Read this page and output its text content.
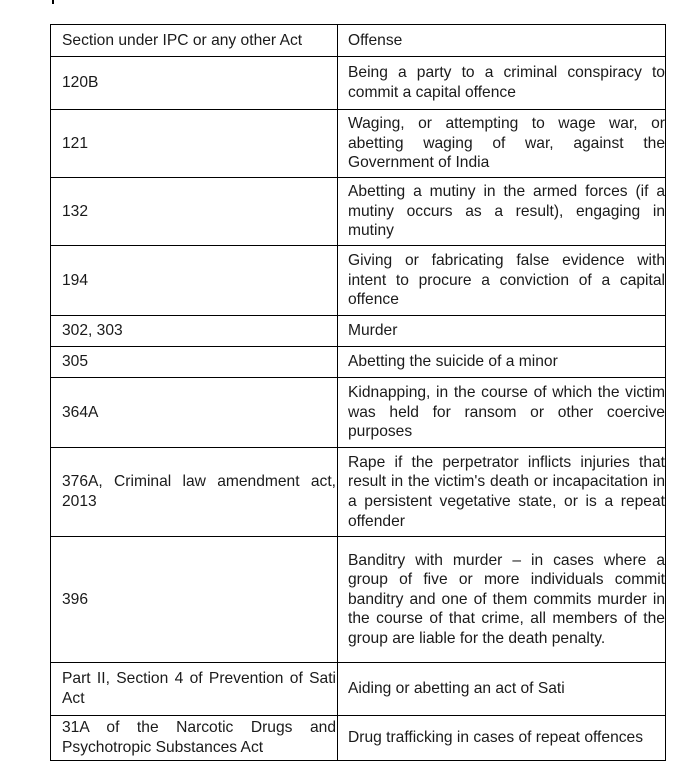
Section under IPC or any other Act	Offense
120B	Being a party to a criminal conspiracy to commit a capital offence
121	Waging, or attempting to wage war, or abetting waging of war, against the Government of India
132	Abetting a mutiny in the armed forces (if a mutiny occurs as a result), engaging in mutiny
194	Giving or fabricating false evidence with intent to procure a conviction of a capital offence
302, 303	Murder
305	Abetting the suicide of a minor
364A	Kidnapping, in the course of which the victim was held for ransom or other coercive purposes
376A, Criminal law amendment act, 2013	Rape if the perpetrator inflicts injuries that result in the victim's death or incapacitation in a persistent vegetative state, or is a repeat offender
396	Banditry with murder – in cases where a group of five or more individuals commit banditry and one of them commits murder in the course of that crime, all members of the group are liable for the death penalty.
Part II, Section 4 of Prevention of Sati Act	Aiding or abetting an act of Sati
31A of the Narcotic Drugs and Psychotropic Substances Act	Drug trafficking in cases of repeat offences
